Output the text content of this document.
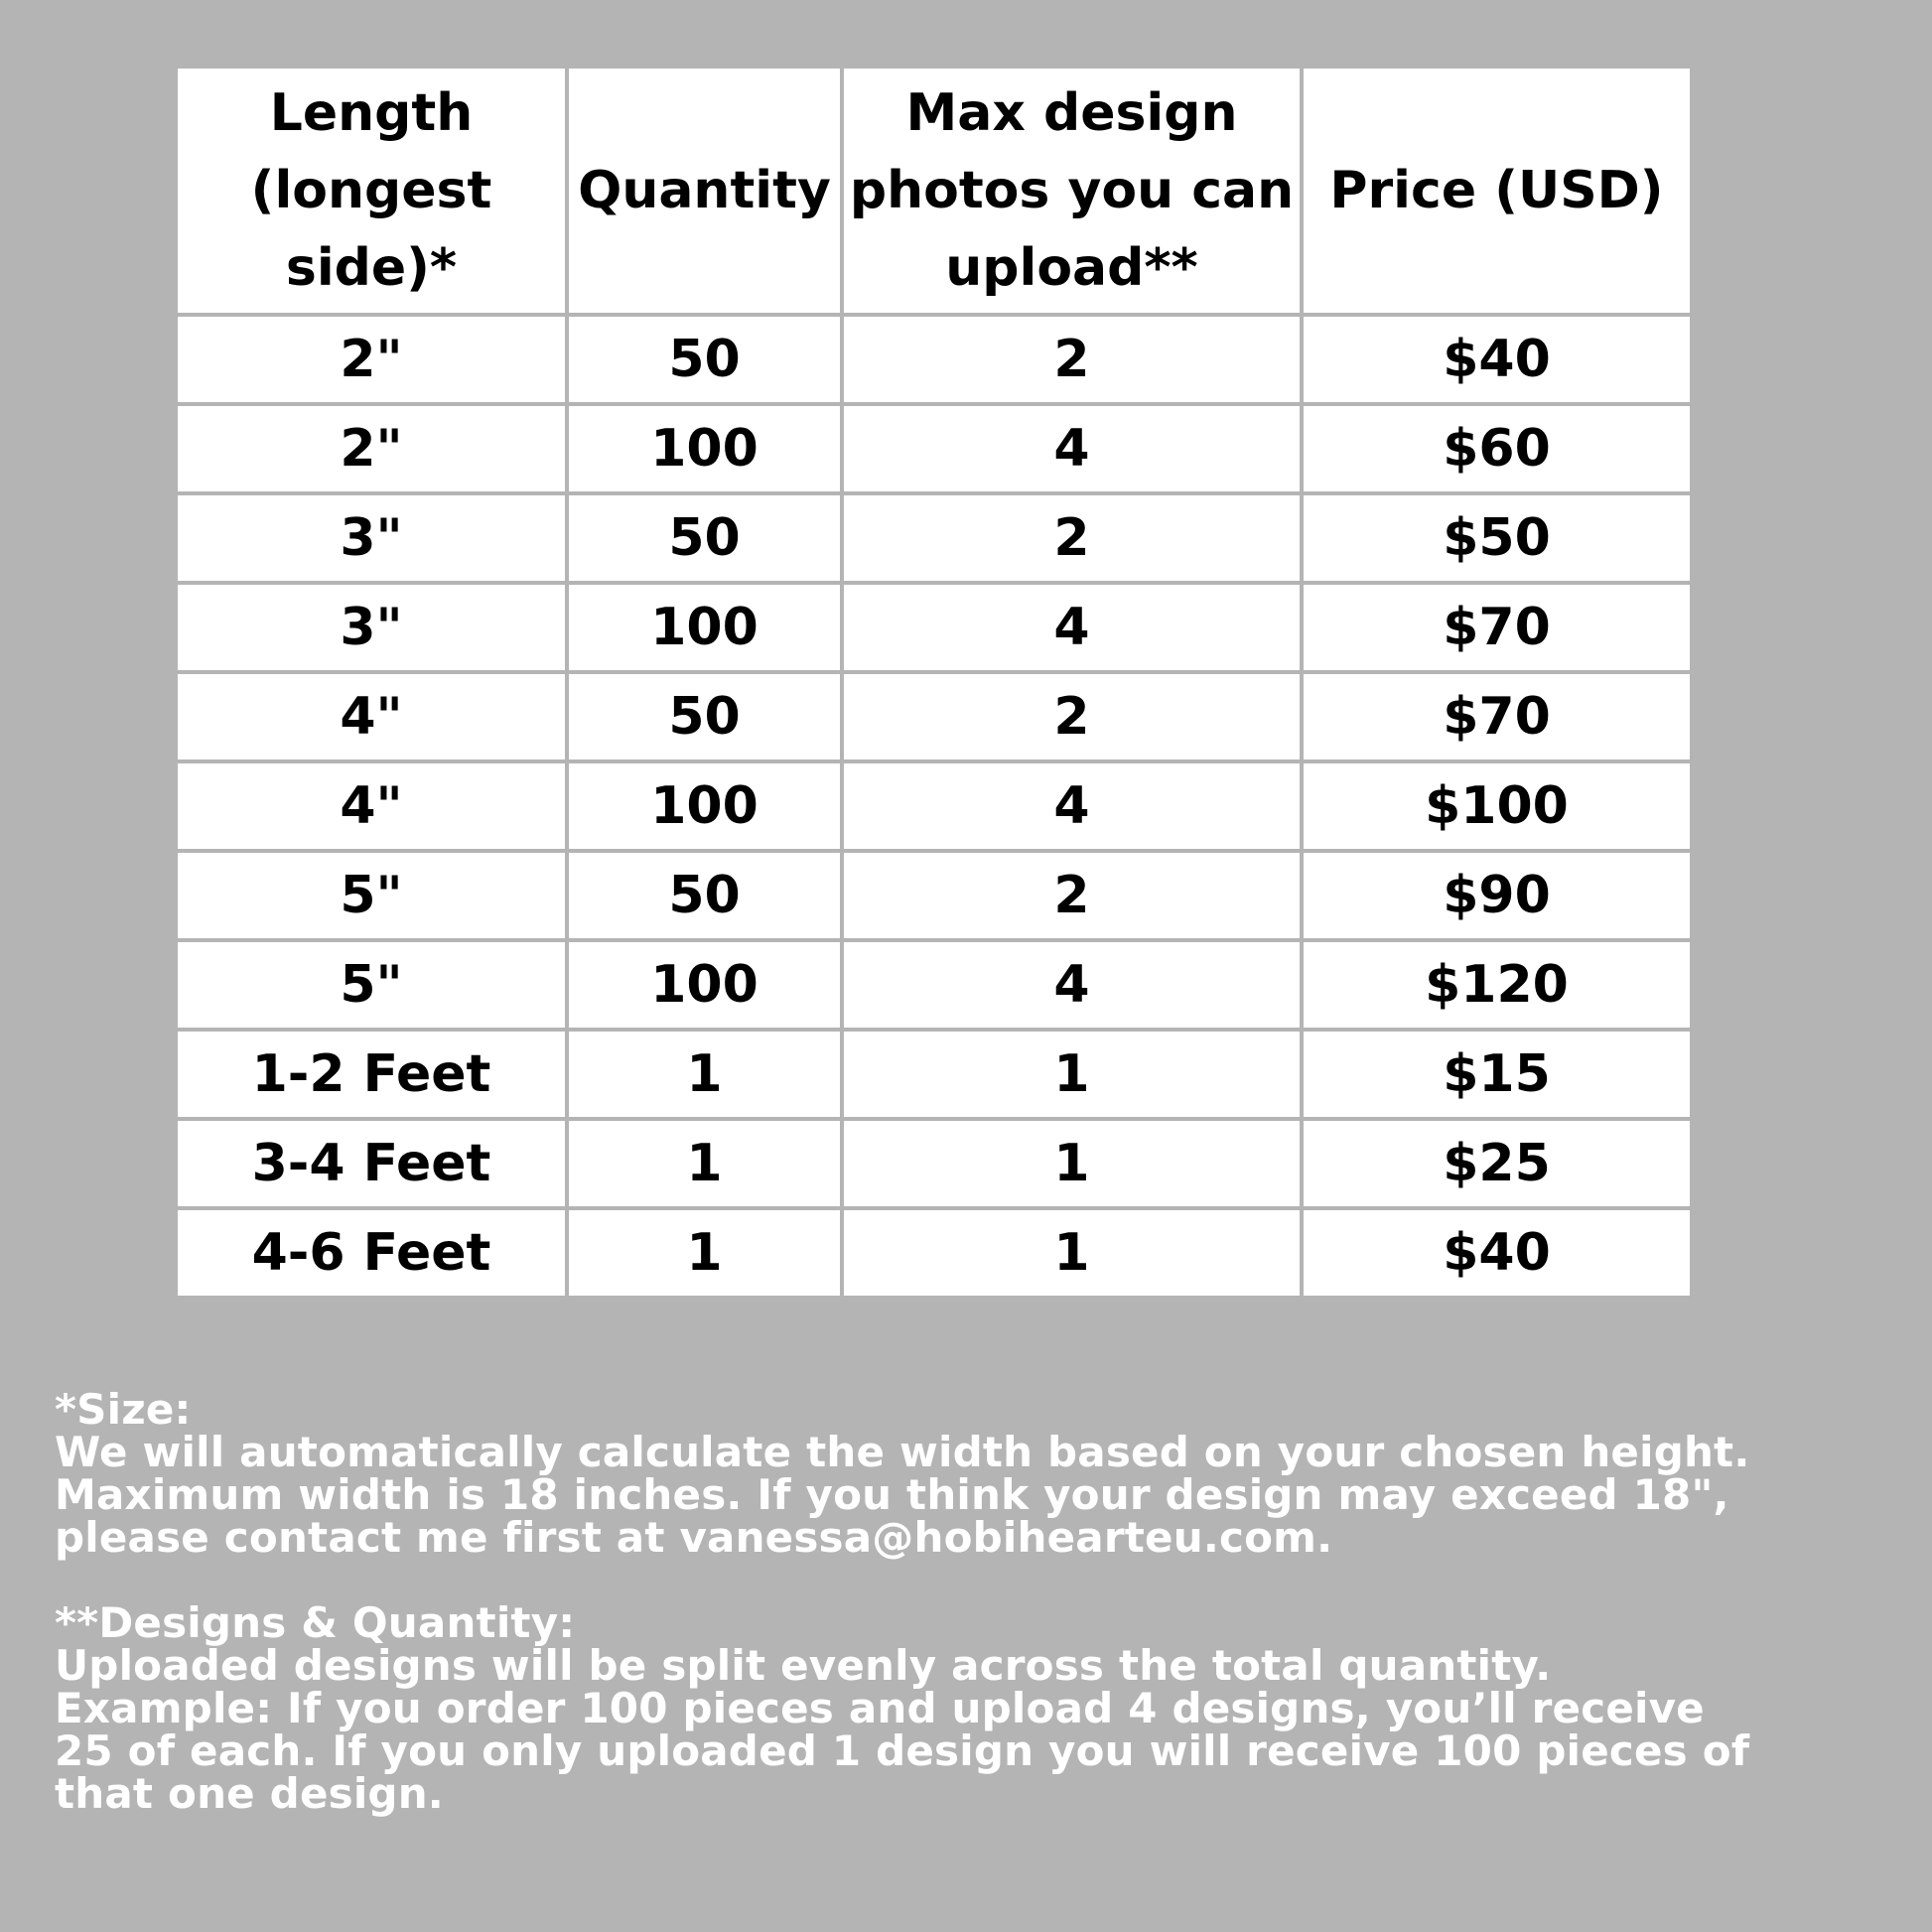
Length (longest side)*	Quantity	Max design photos you can upload**	Price (USD)
2"	50	2	$40
2"	100	4	$60
3"	50	2	$50
3"	100	4	$70
4"	50	2	$70
4"	100	4	$100
5"	50	2	$90
5"	100	4	$120
1-2 Feet	1	1	$15
3-4 Feet	1	1	$25
4-6 Feet	1	1	$40

*Size:

We will automatically calculate the width based on your chosen height.

Maximum width is 18 inches. If you think your design may exceed 18",

please contact me first at vanessa@hobiheartеu.com.

**Designs & Quantity:

Uploaded designs will be split evenly across the total quantity.

Example: If you order 100 pieces and upload 4 designs, you’ll receive

25 of each. If you only uploaded 1 design you will receive 100 pieces of

that one design.
